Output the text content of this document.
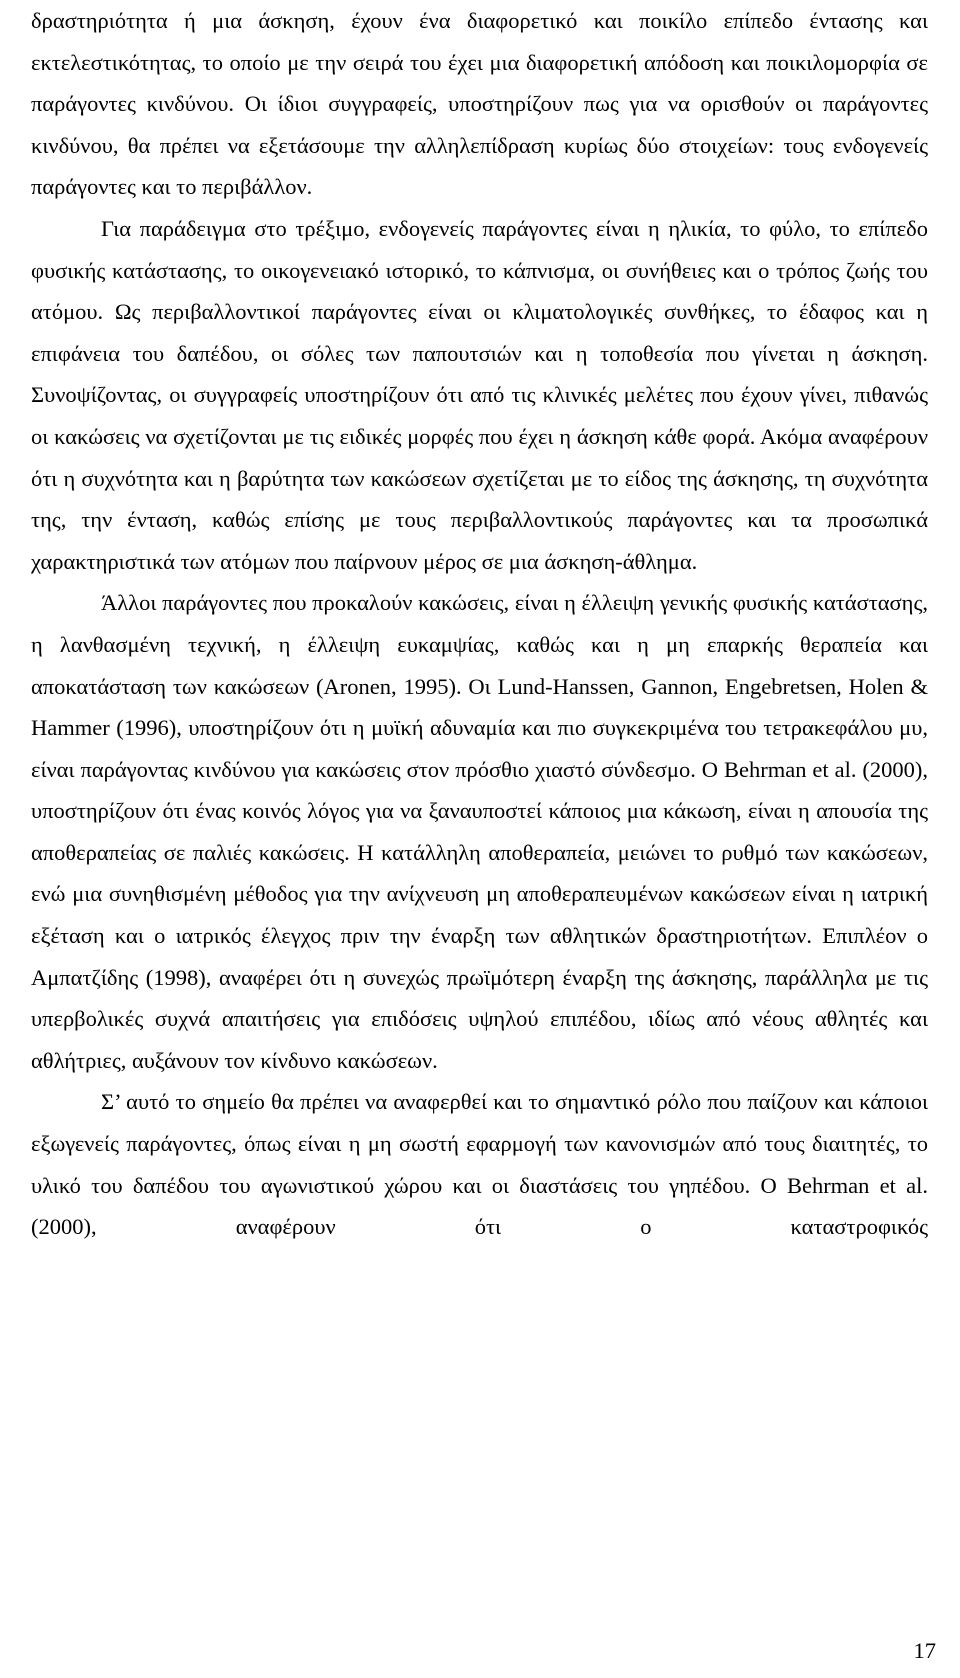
δραστηριότητα ή μια άσκηση, έχουν ένα διαφορετικό και ποικίλο επίπεδο έντασης και εκτελεστικότητας, το οποίο με την σειρά του έχει μια διαφορετική απόδοση και ποικιλομορφία σε παράγοντες κινδύνου. Οι ίδιοι συγγραφείς, υποστηρίζουν πως για να ορισθούν οι παράγοντες κινδύνου, θα πρέπει να εξετάσουμε την αλληλεπίδραση κυρίως δύο στοιχείων: τους ενδογενείς παράγοντες και το περιβάλλον.

Για παράδειγμα στο τρέξιμο, ενδογενείς παράγοντες είναι η ηλικία, το φύλο, το επίπεδο φυσικής κατάστασης, το οικογενειακό ιστορικό, το κάπνισμα, οι συνήθειες και ο τρόπος ζωής του ατόμου. Ως περιβαλλοντικοί παράγοντες είναι οι κλιματολογικές συνθήκες, το έδαφος και η επιφάνεια του δαπέδου, οι σόλες των παπουτσιών και η τοποθεσία που γίνεται η άσκηση. Συνοψίζοντας, οι συγγραφείς υποστηρίζουν ότι από τις κλινικές μελέτες που έχουν γίνει, πιθανώς οι κακώσεις να σχετίζονται με τις ειδικές μορφές που έχει η άσκηση κάθε φορά. Ακόμα αναφέρουν ότι η συχνότητα και η βαρύτητα των κακώσεων σχετίζεται με το είδος της άσκησης, τη συχνότητα της, την ένταση, καθώς επίσης με τους περιβαλλοντικούς παράγοντες και τα προσωπικά χαρακτηριστικά των ατόμων που παίρνουν μέρος σε μια άσκηση-άθλημα.

Άλλοι παράγοντες που προκαλούν κακώσεις, είναι η έλλειψη γενικής φυσικής κατάστασης, η λανθασμένη τεχνική, η έλλειψη ευκαμψίας, καθώς και η μη επαρκής θεραπεία και αποκατάσταση των κακώσεων (Aronen, 1995). Οι Lund-Hanssen, Gannon, Engebretsen, Holen & Hammer (1996), υποστηρίζουν ότι η μυϊκή αδυναμία και πιο συγκεκριμένα του τετρακεφάλου μυ, είναι παράγοντας κινδύνου για κακώσεις στον πρόσθιο χιαστό σύνδεσμο. Ο Behrman et al. (2000), υποστηρίζουν ότι ένας κοινός λόγος για να ξαναυποστεί κάποιος μια κάκωση, είναι η απουσία της αποθεραπείας σε παλιές κακώσεις. Η κατάλληλη αποθεραπεία, μειώνει το ρυθμό των κακώσεων, ενώ μια συνηθισμένη μέθοδος για την ανίχνευση μη αποθεραπευμένων κακώσεων είναι η ιατρική εξέταση και ο ιατρικός έλεγχος πριν την έναρξη των αθλητικών δραστηριοτήτων. Επιπλέον ο Αμπατζίδης (1998), αναφέρει ότι η συνεχώς πρωϊμότερη έναρξη της άσκησης, παράλληλα με τις υπερβολικές συχνά απαιτήσεις για επιδόσεις υψηλού επιπέδου, ιδίως από νέους αθλητές και αθλήτριες, αυξάνουν τον κίνδυνο κακώσεων.

Σ’ αυτό το σημείο θα πρέπει να αναφερθεί και το σημαντικό ρόλο που παίζουν και κάποιοι εξωγενείς παράγοντες, όπως είναι η μη σωστή εφαρμογή των κανονισμών από τους διαιτητές, το υλικό του δαπέδου του αγωνιστικού χώρου και οι διαστάσεις του γηπέδου. Ο Behrman et al. (2000), αναφέρουν ότι ο καταστροφικός

17
